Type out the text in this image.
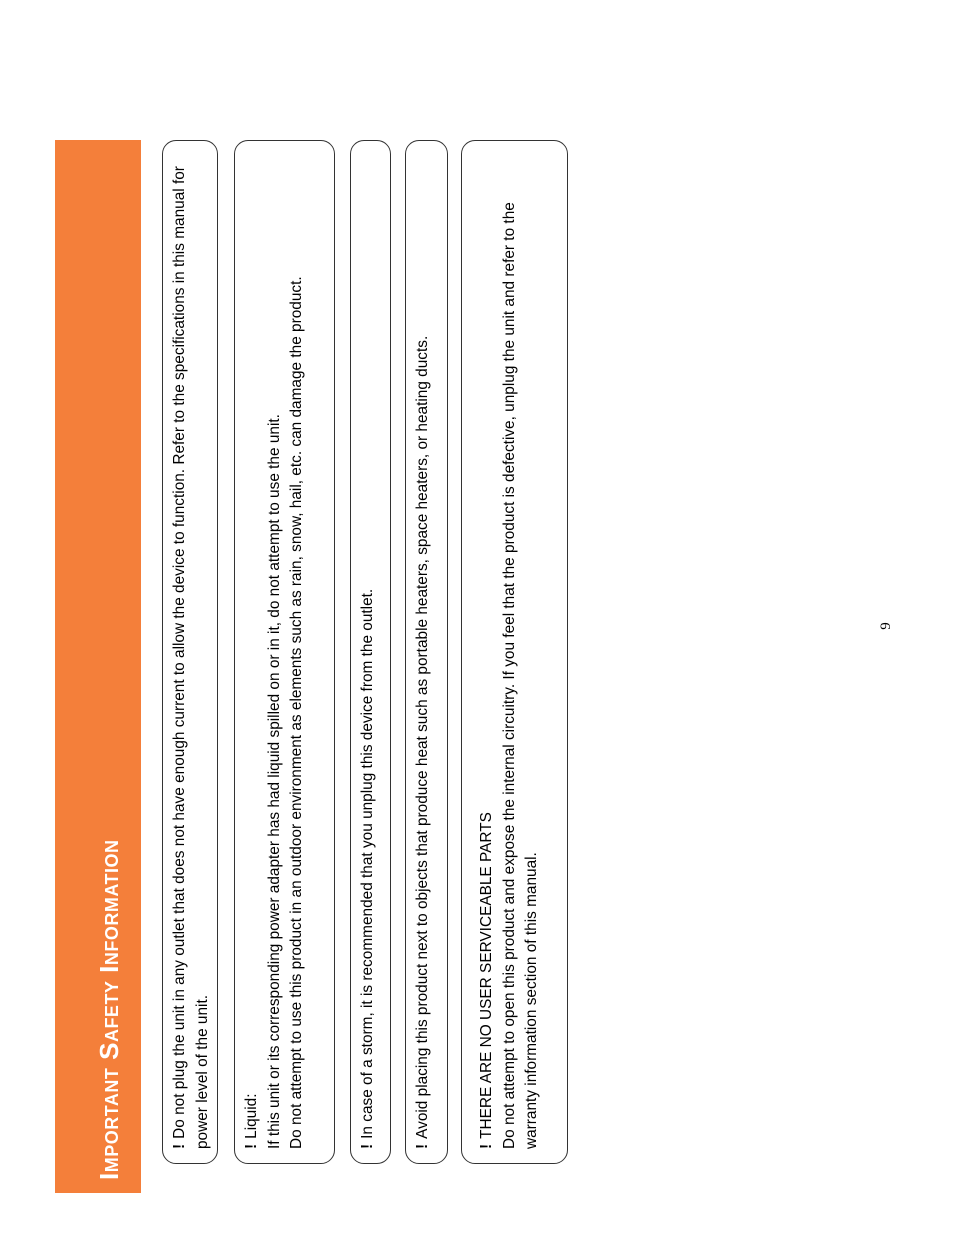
Important Safety Information	!Do not plug the unit in any outlet that does not have enough current to allow the device to function. Refer to the specifications in this manual for power level of the unit. !Liquid: If this unit or its corresponding power adapter has had liquid spilled on or in it, do not attempt to use the unit. Do not attempt to use this product in an outdoor environment as elements such as rain, snow, hail, etc. can damage the product.	!In case of a storm, it is recommended that you unplug this device from the outlet.

!Avoid placing this product next to objects that produce heat such as portable heaters, space heaters, or heating ducts.

!THERE ARE NO USER SERVICEABLE PARTS Do not attempt to open this product and expose the internal circuitry. If you feel that the product is defective, unplug the unit and refer to the warranty information section of this manual.

9
